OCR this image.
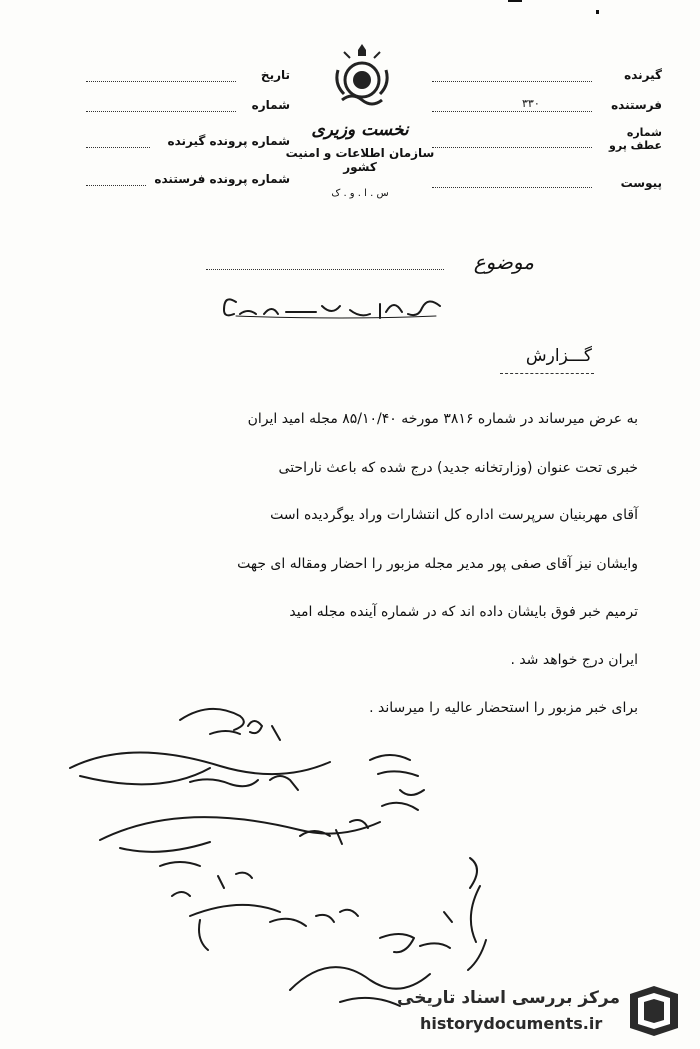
نخست وزیری
سازمان اطلاعات و امنیت کشور
س . ا . و . ک
گیرنده
فرستنده
۳۳۰
شماره عطف پرو
پیوست
تاریخ
شماره
شماره پرونده گیرنده
شماره پرونده فرستنده
موضوع
گـــزارش
به عرض میرساند در شماره ۳۸۱۶ مورخه ۸۵/۱۰/۴۰ مجله امید ایران
خبری تحت عنوان (وزارتخانه جدید) درج شده که باعث ناراحتی
آقای مهربنیان سرپرست اداره کل انتشارات وراد یوگردیده است
وایشان نیز آقای صفی پور مدیر مجله مزبور را احضار ومقاله ای جهت
ترمیم خبر فوق بایشان داده اند که در شماره آینده مجله امید
ایران درج خواهد شد .
برای خبر مزبور را استحضار عالیه را میرساند .
مرکز بررسی اسناد تاریخی
historydocuments.ir
